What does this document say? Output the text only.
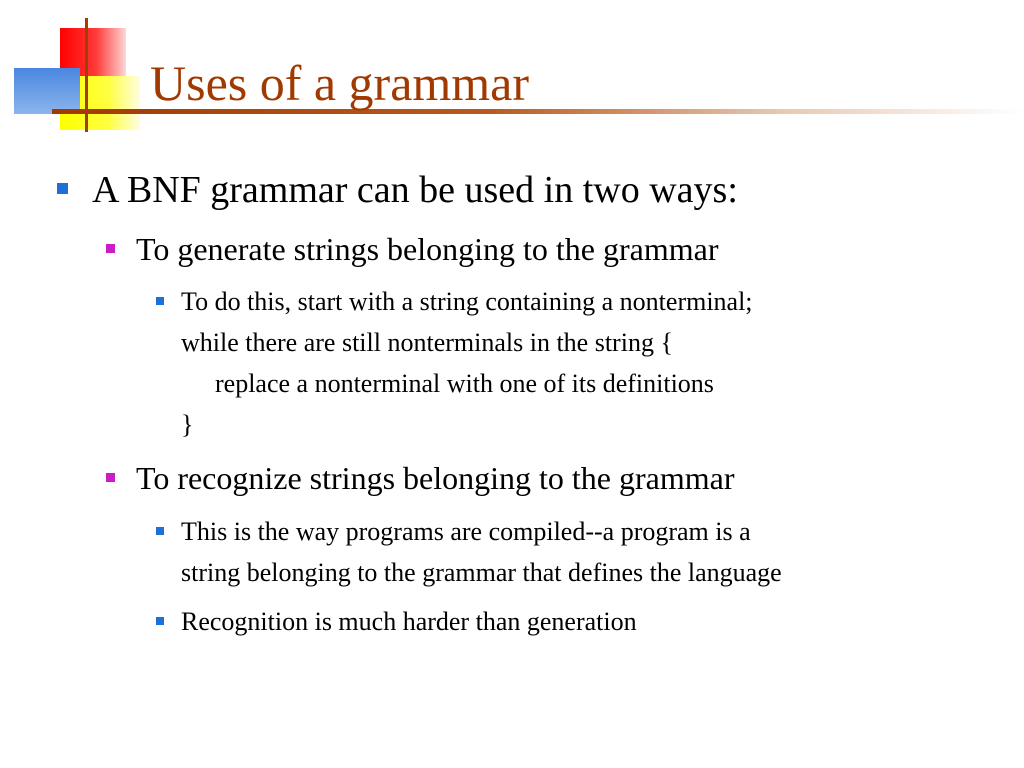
Uses of a grammar
A BNF grammar can be used in two ways:
To generate strings belonging to the grammar
To do this, start with a string containing a nonterminal;
while there are still nonterminals in the string {
replace a nonterminal with one of its definitions
}
To recognize strings belonging to the grammar
This is the way programs are compiled--a program is a
string belonging to the grammar that defines the language
Recognition is much harder than generation
